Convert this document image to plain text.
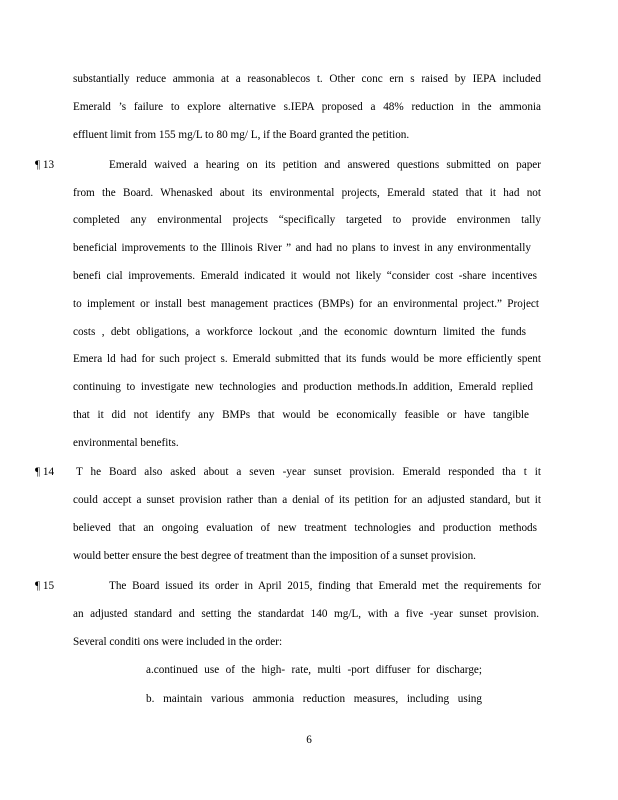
substantially reduce ammonia at a reasonablecos t. Other conc ern s raised by IEPA included
Emerald ’s failure to explore alternative s.IEPA proposed a 48% reduction in the ammonia
effluent limit from 155 mg/L to 80 mg/ L, if the Board granted the petition.
¶ 13	Emerald waived a hearing on its petition and answered questions submitted on paper
from the Board. Whenasked about its environmental projects, Emerald stated that it had not
completed any environmental projects “specifically targeted to provide environmen tally
beneficial improvements to the Illinois River ” and had no plans to invest in any environmentally
benefi cial improvements. Emerald indicated it would not likely “consider cost -share incentives
to implement or install best management practices (BMPs) for an environmental project.” Project
costs , debt obligations, a workforce lockout ,and the economic downturn limited the funds
Emera ld had for such project s. Emerald submitted that its funds would be more efficiently spent
continuing to investigate new technologies and production methods.In addition, Emerald replied
that it did not identify any BMPs that would be economically feasible or have tangible
environmental benefits.
¶ 14 T he Board also asked about a seven -year sunset provision. Emerald responded tha t it
could accept a sunset provision rather than a denial of its petition for an adjusted standard, but it
believed that an ongoing evaluation of new treatment technologies and production methods
would better ensure the best degree of treatment than the imposition of a sunset provision.
¶ 15	The Board issued its order in April 2015, finding that Emerald met the requirements for
an adjusted standard and setting the standardat 140 mg/L, with a five -year sunset provision.
Several conditi ons were included in the order:
a.continued use of the high- rate, multi -port diffuser for discharge;
b. maintain various ammonia reduction measures, including using
6
